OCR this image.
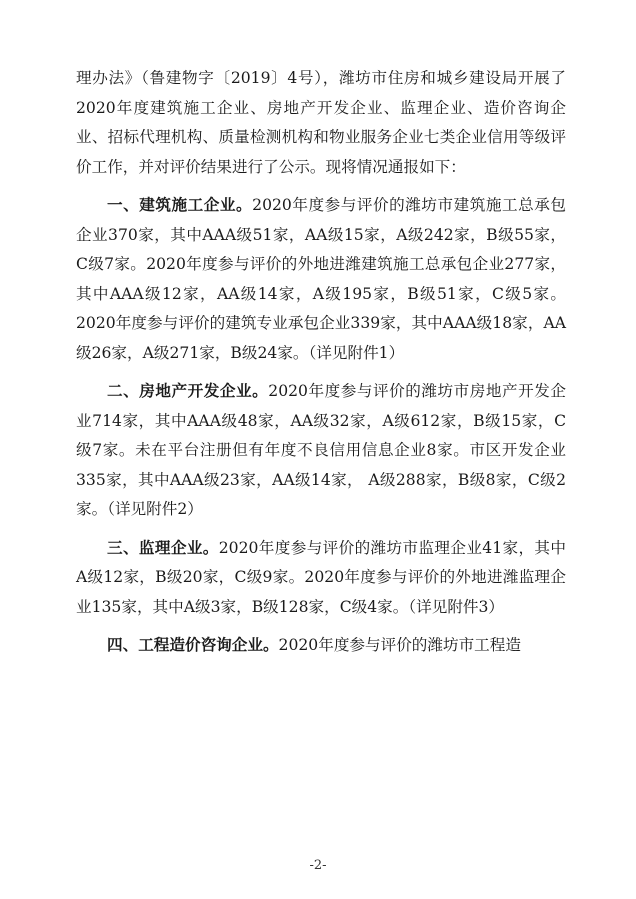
理办法》（鲁建物字〔2019〕4号），潍坊市住房和城乡建设局开展了2020年度建筑施工企业、房地产开发企业、监理企业、造价咨询企业、招标代理机构、质量检测机构和物业服务企业七类企业信用等级评价工作，并对评价结果进行了公示。现将情况通报如下：

一、建筑施工企业。2020年度参与评价的潍坊市建筑施工总承包企业370家，其中AAA级51家，AA级15家，A级242家，B级55家，C级7家。2020年度参与评价的外地进潍建筑施工总承包企业277家，其中AAA级12家，AA级14家，A级195家，B级51家，C级5家。2020年度参与评价的建筑专业承包企业339家，其中AAA级18家，AA级26家，A级271家，B级24家。（详见附件1）

二、房地产开发企业。2020年度参与评价的潍坊市房地产开发企业714家，其中AAA级48家，AA级32家，A级612家，B级15家，C级7家。未在平台注册但有年度不良信用信息企业8家。市区开发企业335家，其中AAA级23家，AA级14家， A级288家，B级8家，C级2家。（详见附件2）

三、监理企业。2020年度参与评价的潍坊市监理企业41家，其中A级12家，B级20家，C级9家。2020年度参与评价的外地进潍监理企业135家，其中A级3家，B级128家，C级4家。（详见附件3）

四、工程造价咨询企业。2020年度参与评价的潍坊市工程造

-2-
